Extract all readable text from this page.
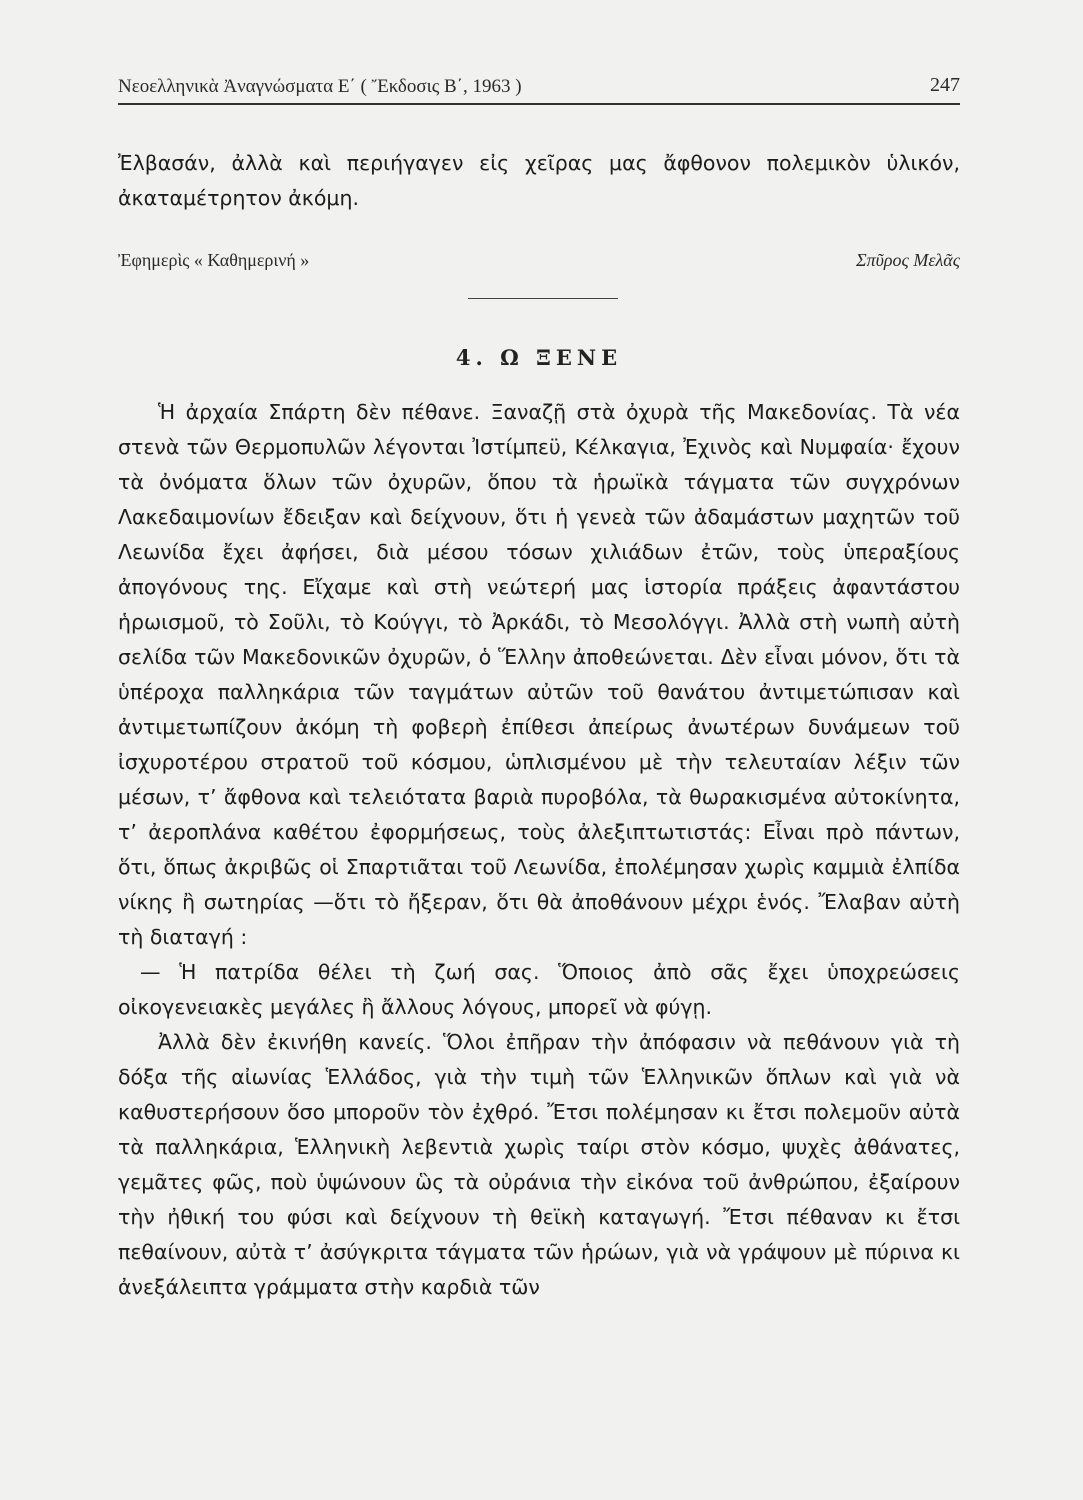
Νεοελληνικὰ Ἀναγνώσματα Ε΄ ( Ἔκδοσις Β΄, 1963 )	247

Ἐλβασάν, ἀλλὰ καὶ περιήγαγεν εἰς χεῖρας μας ἄφθονον πολεμικὸν ὑλικόν, ἀκαταμέτρητον ἀκόμη.

Ἐφημερὶς « Καθημερινή »	Σπῦρος Μελᾶς
4. Ω ΞΕΝΕ

Ἡ ἀρχαία Σπάρτη δὲν πέθανε. Ξαναζῇ στὰ ὀχυρὰ τῆς Μακεδονίας. Τὰ νέα στενὰ τῶν Θερμοπυλῶν λέγονται Ἰστίμπεϋ, Κέλκαγια, Ἐχινὸς καὶ Νυμφαία· ἔχουν τὰ ὀνόματα ὅλων τῶν ὀχυρῶν, ὅπου τὰ ἡρωϊκὰ τάγματα τῶν συγχρόνων Λακεδαιμονίων ἔδειξαν καὶ δείχνουν, ὅτι ἡ γενεὰ τῶν ἀδαμάστων μαχητῶν τοῦ Λεωνίδα ἔχει ἀφήσει, διὰ μέσου τόσων χιλιάδων ἐτῶν, τοὺς ὑπεραξίους ἀπογόνους της. Εἴχαμε καὶ στὴ νεώτερή μας ἱστορία πράξεις ἀφαντάστου ἡρωισμοῦ, τὸ Σοῦλι, τὸ Κούγγι, τὸ Ἀρκάδι, τὸ Μεσολόγγι. Ἀλλὰ στὴ νωπὴ αὐτὴ σελίδα τῶν Μακεδονικῶν ὀχυρῶν, ὁ Ἕλλην ἀποθεώνεται. Δὲν εἶναι μόνον, ὅτι τὰ ὑπέροχα παλληκάρια τῶν ταγμάτων αὐτῶν τοῦ θανάτου ἀντιμετώπισαν καὶ ἀντιμετωπίζουν ἀκόμη τὴ φοβερὴ ἐπίθεσι ἀπείρως ἀνωτέρων δυνάμεων τοῦ ἰσχυροτέρου στρατοῦ τοῦ κόσμου, ὡπλισμένου μὲ τὴν τελευταίαν λέξιν τῶν μέσων, τ’ ἄφθονα καὶ τελειότατα βαριὰ πυροβόλα, τὰ θωρακισμένα αὐτοκίνητα, τ’ ἀεροπλάνα καθέτου ἐφορμήσεως, τοὺς ἀλεξιπτωτιστάς: Εἶναι πρὸ πάντων, ὅτι, ὅπως ἀκριβῶς οἱ Σπαρτιᾶται τοῦ Λεωνίδα, ἐπολέμησαν χωρὶς καμμιὰ ἐλπίδα νίκης ἢ σωτηρίας —ὅτι τὸ ἤξεραν, ὅτι θὰ ἀποθάνουν μέχρι ἑνός. Ἔλαβαν αὐτὴ τὴ διαταγή :

— Ἡ πατρίδα θέλει τὴ ζωή σας. Ὅποιος ἀπὸ σᾶς ἔχει ὑποχρεώσεις οἰκογενειακὲς μεγάλες ἢ ἄλλους λόγους, μπορεῖ νὰ φύγῃ.

Ἀλλὰ δὲν ἐκινήθη κανείς. Ὅλοι ἐπῆραν τὴν ἀπόφασιν νὰ πεθάνουν γιὰ τὴ δόξα τῆς αἰωνίας Ἑλλάδος, γιὰ τὴν τιμὴ τῶν Ἑλληνικῶν ὅπλων καὶ γιὰ νὰ καθυστερήσουν ὅσο μποροῦν τὸν ἐχθρό. Ἔτσι πολέμησαν κι ἔτσι πολεμοῦν αὐτὰ τὰ παλληκάρια, Ἑλληνικὴ λεβεντιὰ χωρὶς ταίρι στὸν κόσμο, ψυχὲς ἀθάνατες, γεμᾶτες φῶς, ποὺ ὑψώνουν ὣς τὰ οὐράνια τὴν εἰκόνα τοῦ ἀνθρώπου, ἐξαίρουν τὴν ἠθική του φύσι καὶ δείχνουν τὴ θεϊκὴ καταγωγή. Ἔτσι πέθαναν κι ἔτσι πεθαίνουν, αὐτὰ τ’ ἀσύγκριτα τάγματα τῶν ἡρώων, γιὰ νὰ γράψουν μὲ πύρινα κι ἀνεξάλειπτα γράμματα στὴν καρδιὰ τῶν
